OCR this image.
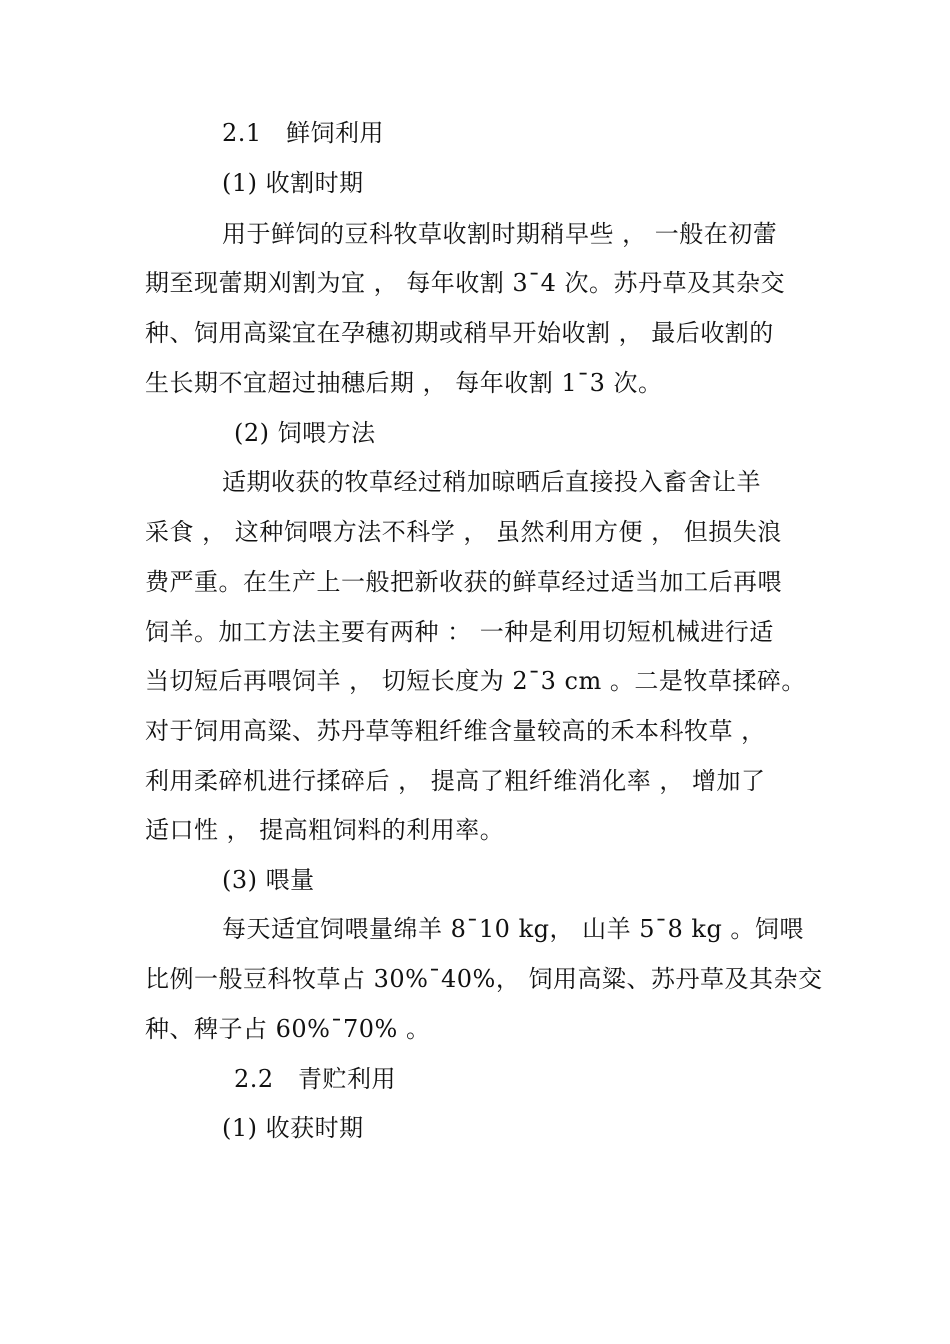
2.1   鲜饲利用
(1) 收割时期
用于鲜饲的豆科牧草收割时期稍早些 ， 一般在初蕾
期至现蕾期刈割为宜 ， 每年收割 3¯4 次。苏丹草及其杂交
种、饲用高粱宜在孕穗初期或稍早开始收割 ， 最后收割的
生长期不宜超过抽穗后期 ， 每年收割 1¯3 次。
(2) 饲喂方法
适期收获的牧草经过稍加晾晒后直接投入畜舍让羊
采食 ， 这种饲喂方法不科学 ， 虽然利用方便 ， 但损失浪
费严重。在生产上一般把新收获的鲜草经过适当加工后再喂
饲羊。加工方法主要有两种 ： 一种是利用切短机械进行适
当切短后再喂饲羊 ， 切短长度为 2¯3 cm 。二是牧草揉碎。
对于饲用高粱、苏丹草等粗纤维含量较高的禾本科牧草 ，
利用柔碎机进行揉碎后 ， 提高了粗纤维消化率 ， 增加了
适口性 ， 提高粗饲料的利用率。
(3) 喂量
每天适宜饲喂量绵羊 8¯10 kg， 山羊 5¯8 kg 。饲喂
比例一般豆科牧草占 30%¯40%， 饲用高粱、苏丹草及其杂交
种、稗子占 60%¯70% 。
2.2   青贮利用
(1) 收获时期
